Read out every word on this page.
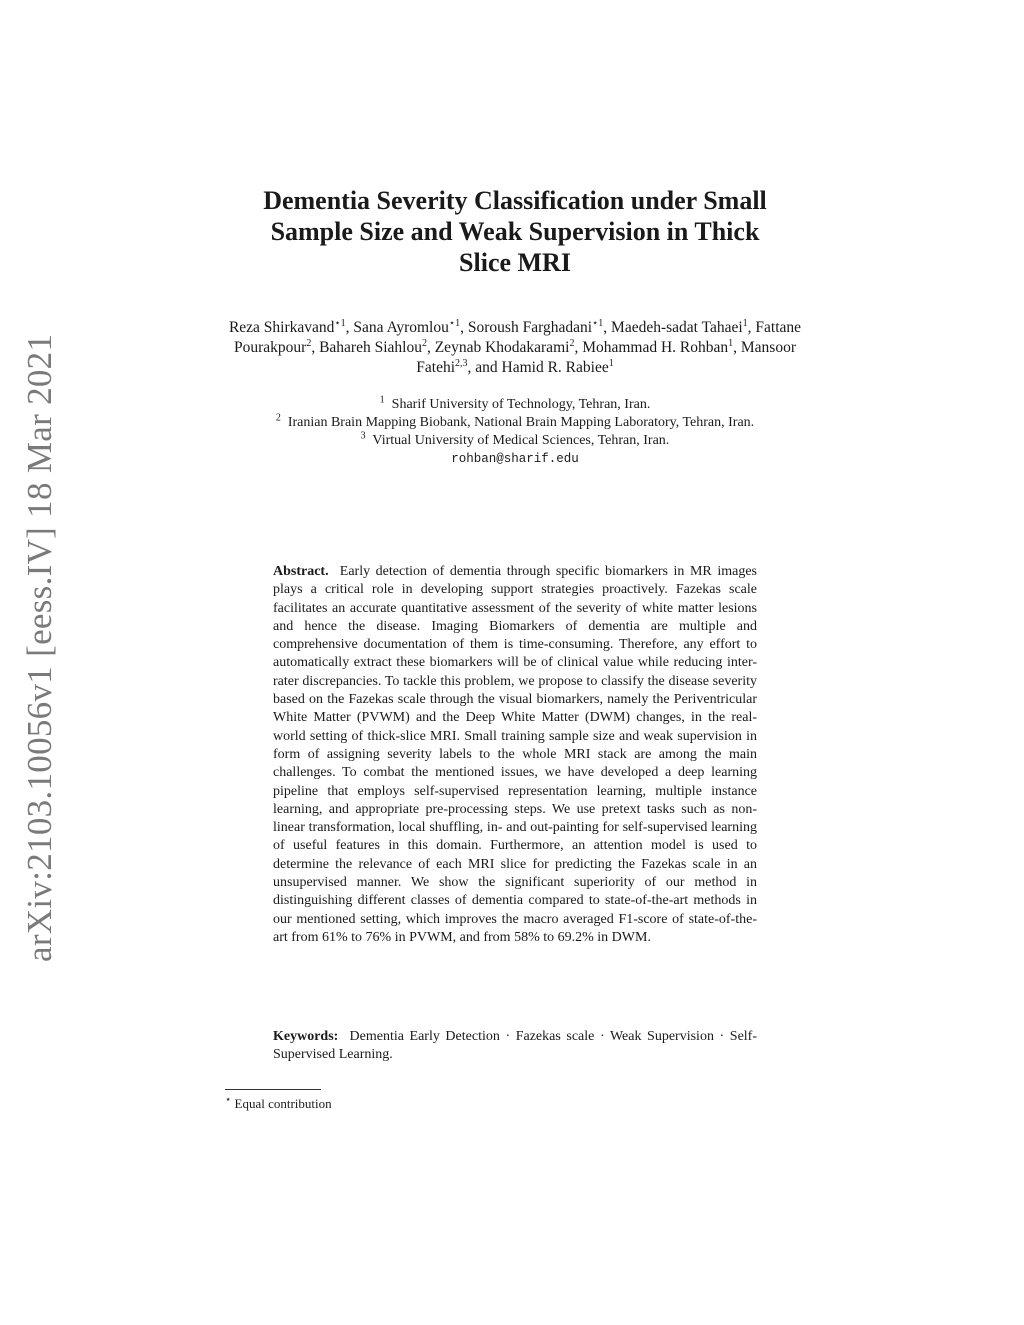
arXiv:2103.10056v1 [eess.IV] 18 Mar 2021
Dementia Severity Classification under Small
Sample Size and Weak Supervision in Thick
Slice MRI
Reza Shirkavand$^{⋆1}$, Sana Ayromlou$^{⋆1}$, Soroush Farghadani$^{⋆1}$, Maedeh-sadat Tahaei$^1$, Fattane Pourakpour$^2$, Bahareh Siahlou$^2$, Zeynab Khodakarami$^2$, Mohammad H. Rohban$^1$, Mansoor Fatehi$^{2,3}$, and Hamid R. Rabiee$^1$
$^1$ Sharif University of Technology, Tehran, Iran.
$^2$ Iranian Brain Mapping Biobank, National Brain Mapping Laboratory, Tehran, Iran.
$^3$ Virtual University of Medical Sciences, Tehran, Iran.
rohban@sharif.edu
Abstract. Early detection of dementia through specific biomarkers in MR images plays a critical role in developing support strategies proactively. Fazekas scale facilitates an accurate quantitative assessment of the severity of white matter lesions and hence the disease. Imaging Biomarkers of dementia are multiple and comprehensive documentation of them is time-consuming. Therefore, any effort to automatically extract these biomarkers will be of clinical value while reducing inter-rater discrepancies. To tackle this problem, we propose to classify the disease severity based on the Fazekas scale through the visual biomarkers, namely the Periventricular White Matter (PVWM) and the Deep White Matter (DWM) changes, in the real-world setting of thick-slice MRI. Small training sample size and weak supervision in form of assigning severity labels to the whole MRI stack are among the main challenges. To combat the mentioned issues, we have developed a deep learning pipeline that employs self-supervised representation learning, multiple instance learning, and appropriate pre-processing steps. We use pretext tasks such as non-linear transformation, local shuffling, in- and out-painting for self-supervised learning of useful features in this domain. Furthermore, an attention model is used to determine the relevance of each MRI slice for predicting the Fazekas scale in an unsupervised manner. We show the significant superiority of our method in distinguishing different classes of dementia compared to state-of-the-art methods in our mentioned setting, which improves the macro averaged F1-score of state-of-the-art from 61% to 76% in PVWM, and from 58% to 69.2% in DWM.
Keywords: Dementia Early Detection · Fazekas scale · Weak Supervision · Self-Supervised Learning.
⋆ Equal contribution
